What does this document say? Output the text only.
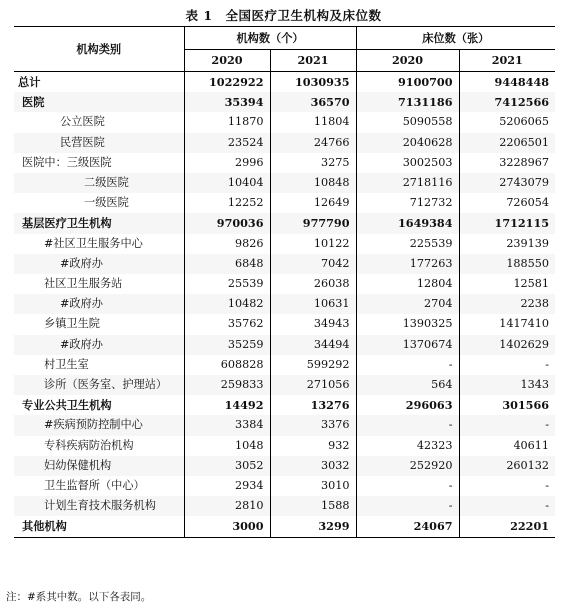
表 1　全国医疗卫生机构及床位数
机构类别	机构数（个）		床位数（张）	
	2020	2021	2020	2021
总计	1022922	1030935	9100700	9448448
医院	35394	36570	7131186	7412566
公立医院	11870	11804	5090558	5206065
民营医院	23524	24766	2040628	2206501
医院中：三级医院	2996	3275	3002503	3228967
二级医院	10404	10848	2718116	2743079
一级医院	12252	12649	712732	726054
基层医疗卫生机构	970036	977790	1649384	1712115
#社区卫生服务中心	9826	10122	225539	239139
#政府办	6848	7042	177263	188550
社区卫生服务站	25539	26038	12804	12581
#政府办	10482	10631	2704	2238
乡镇卫生院	35762	34943	1390325	1417410
#政府办	35259	34494	1370674	1402629
村卫生室	608828	599292	-	-
诊所（医务室、护理站）	259833	271056	564	1343
专业公共卫生机构	14492	13276	296063	301566
#疾病预防控制中心	3384	3376	-	-
专科疾病防治机构	1048	932	42323	40611
妇幼保健机构	3052	3032	252920	260132
卫生监督所（中心）	2934	3010	-	-
计划生育技术服务机构	2810	1588	-	-
其他机构	3000	3299	24067	22201
注：#系其中数。以下各表同。
